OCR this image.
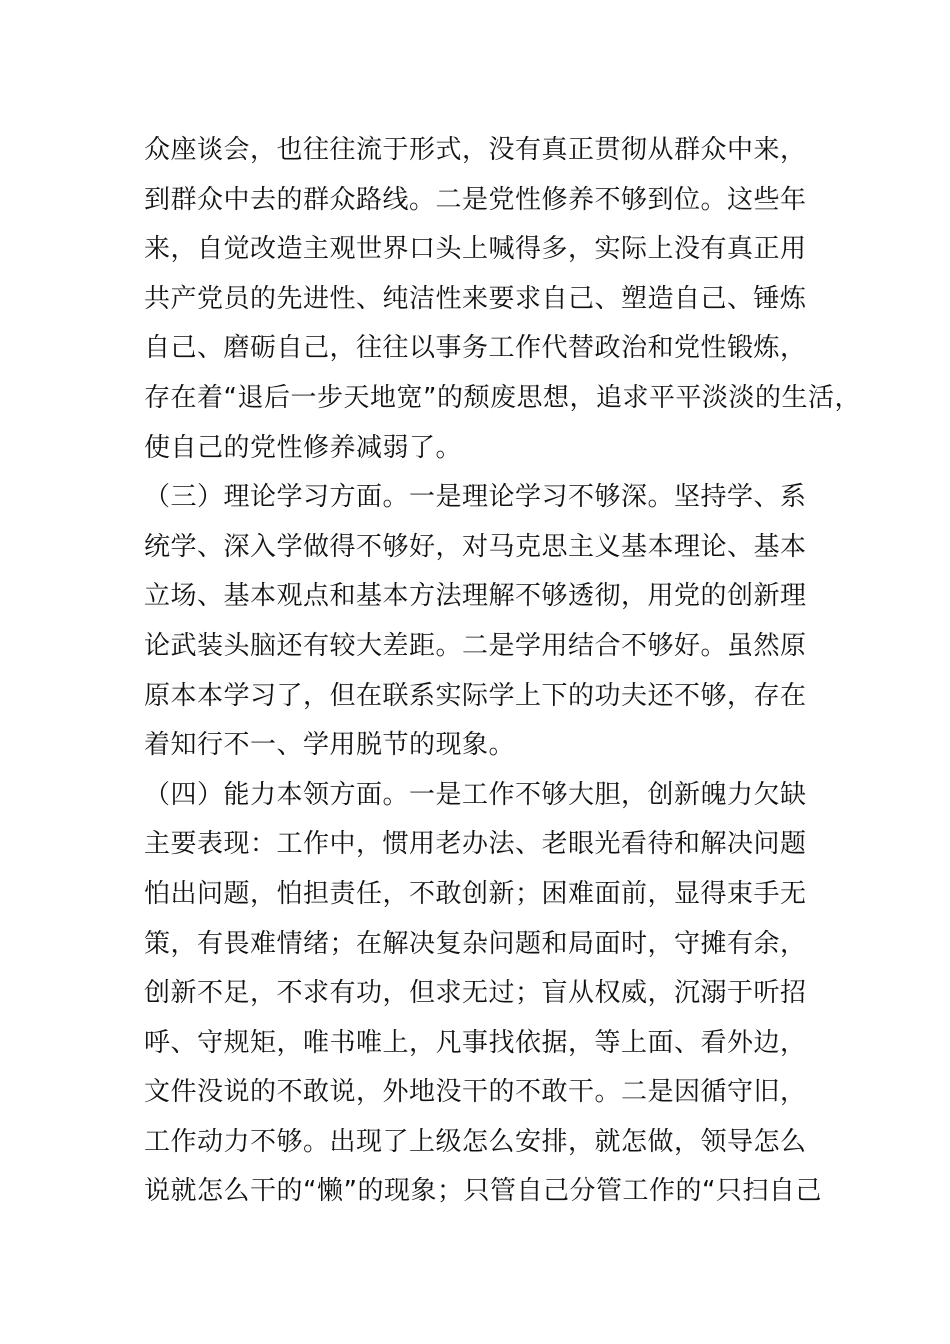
众座谈会，也往往流于形式，没有真正贯彻从群众中来，
到群众中去的群众路线。二是党性修养不够到位。这些年
来，自觉改造主观世界口头上喊得多，实际上没有真正用
共产党员的先进性、纯洁性来要求自己、塑造自己、锤炼
自己、磨砺自己，往往以事务工作代替政治和党性锻炼，
存在着“退后一步天地宽”的颓废思想，追求平平淡淡的生活，
使自己的党性修养减弱了。
（三）理论学习方面。一是理论学习不够深。坚持学、系
统学、深入学做得不够好，对马克思主义基本理论、基本
立场、基本观点和基本方法理解不够透彻，用党的创新理
论武装头脑还有较大差距。二是学用结合不够好。虽然原
原本本学习了，但在联系实际学上下的功夫还不够，存在
着知行不一、学用脱节的现象。
（四）能力本领方面。一是工作不够大胆，创新魄力欠缺
主要表现：工作中，惯用老办法、老眼光看待和解决问题
怕出问题，怕担责任，不敢创新；困难面前，显得束手无
策，有畏难情绪；在解决复杂问题和局面时，守摊有余，
创新不足，不求有功，但求无过；盲从权威，沉溺于听招
呼、守规矩，唯书唯上，凡事找依据，等上面、看外边，
文件没说的不敢说，外地没干的不敢干。二是因循守旧，
工作动力不够。出现了上级怎么安排，就怎做，领导怎么
说就怎么干的“懒”的现象；只管自己分管工作的“只扫自己
